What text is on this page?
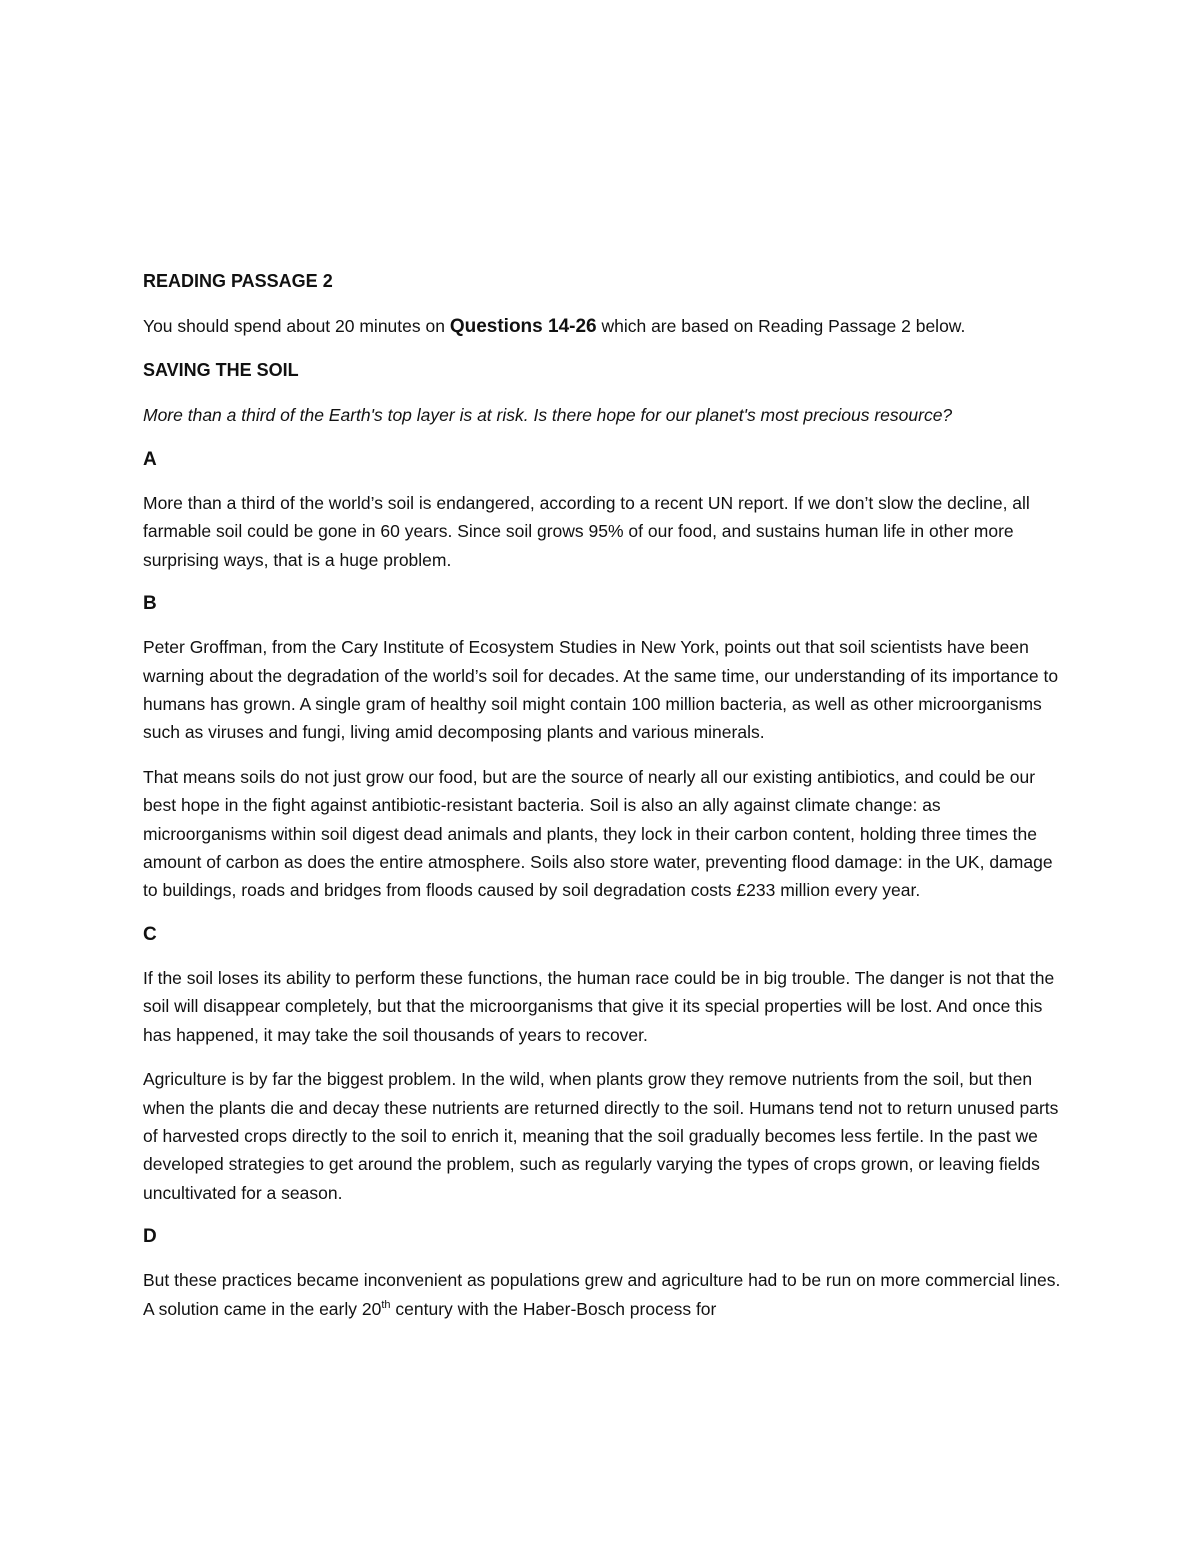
READING PASSAGE 2
You should spend about 20 minutes on Questions 14-26 which are based on Reading Passage 2 below.
SAVING THE SOIL
More than a third of the Earth's top layer is at risk. Is there hope for our planet's most precious resource?
A
More than a third of the world’s soil is endangered, according to a recent UN report. If we don’t slow the decline, all farmable soil could be gone in 60 years. Since soil grows 95% of our food, and sustains human life in other more surprising ways, that is a huge problem.
B
Peter Groffman, from the Cary Institute of Ecosystem Studies in New York, points out that soil scientists have been warning about the degradation of the world’s soil for decades. At the same time, our understanding of its importance to humans has grown. A single gram of healthy soil might contain 100 million bacteria, as well as other microorganisms such as viruses and fungi, living amid decomposing plants and various minerals.
That means soils do not just grow our food, but are the source of nearly all our existing antibiotics, and could be our best hope in the fight against antibiotic-resistant bacteria. Soil is also an ally against climate change: as microorganisms within soil digest dead animals and plants, they lock in their carbon content, holding three times the amount of carbon as does the entire atmosphere. Soils also store water, preventing flood damage: in the UK, damage to buildings, roads and bridges from floods caused by soil degradation costs £233 million every year.
C
If the soil loses its ability to perform these functions, the human race could be in big trouble. The danger is not that the soil will disappear completely, but that the microorganisms that give it its special properties will be lost. And once this has happened, it may take the soil thousands of years to recover.
Agriculture is by far the biggest problem. In the wild, when plants grow they remove nutrients from the soil, but then when the plants die and decay these nutrients are returned directly to the soil. Humans tend not to return unused parts of harvested crops directly to the soil to enrich it, meaning that the soil gradually becomes less fertile. In the past we developed strategies to get around the problem, such as regularly varying the types of crops grown, or leaving fields uncultivated for a season.
D
But these practices became inconvenient as populations grew and agriculture had to be run on more commercial lines. A solution came in the early 20th century with the Haber-Bosch process for
